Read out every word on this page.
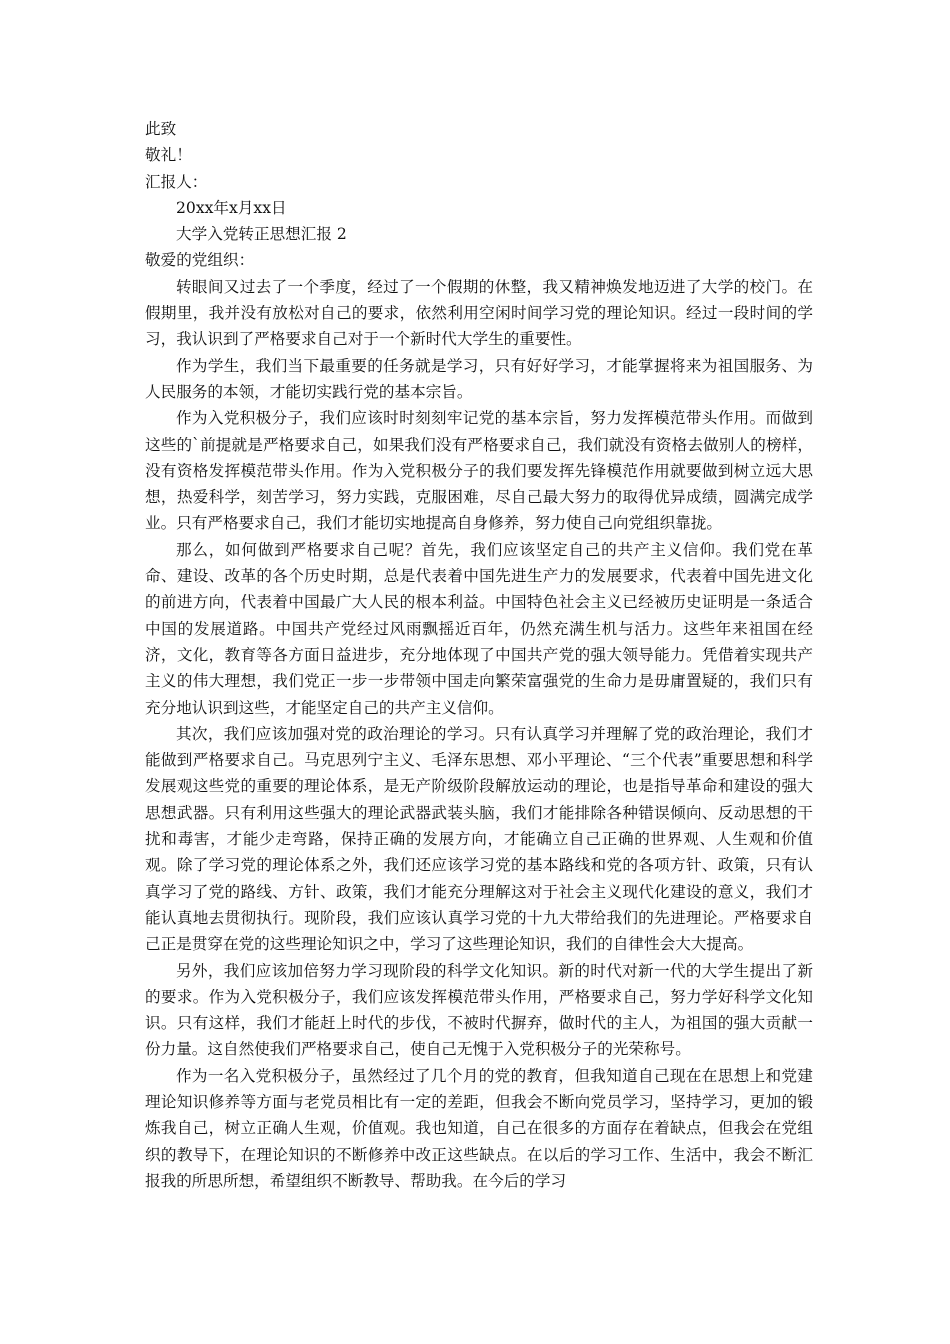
此致

敬礼！

汇报人：

20xx年x月xx日

大学入党转正思想汇报 2

敬爱的党组织：

转眼间又过去了一个季度，经过了一个假期的休整，我又精神焕发地迈进了大学的校门。在假期里，我并没有放松对自己的要求，依然利用空闲时间学习党的理论知识。经过一段时间的学习，我认识到了严格要求自己对于一个新时代大学生的重要性。

作为学生，我们当下最重要的任务就是学习，只有好好学习，才能掌握将来为祖国服务、为人民服务的本领，才能切实践行党的基本宗旨。

作为入党积极分子，我们应该时时刻刻牢记党的基本宗旨，努力发挥模范带头作用。而做到这些的`前提就是严格要求自己，如果我们没有严格要求自己，我们就没有资格去做别人的榜样，没有资格发挥模范带头作用。作为入党积极分子的我们要发挥先锋模范作用就要做到树立远大思想，热爱科学，刻苦学习，努力实践，克服困难，尽自己最大努力的取得优异成绩，圆满完成学业。只有严格要求自己，我们才能切实地提高自身修养，努力使自己向党组织靠拢。

那么，如何做到严格要求自己呢？首先，我们应该坚定自己的共产主义信仰。我们党在革命、建设、改革的各个历史时期，总是代表着中国先进生产力的发展要求，代表着中国先进文化的前进方向，代表着中国最广大人民的根本利益。中国特色社会主义已经被历史证明是一条适合中国的发展道路。中国共产党经过风雨飘摇近百年，仍然充满生机与活力。这些年来祖国在经济，文化，教育等各方面日益进步，充分地体现了中国共产党的强大领导能力。凭借着实现共产主义的伟大理想，我们党正一步一步带领中国走向繁荣富强党的生命力是毋庸置疑的，我们只有充分地认识到这些，才能坚定自己的共产主义信仰。

其次，我们应该加强对党的政治理论的学习。只有认真学习并理解了党的政治理论，我们才能做到严格要求自己。马克思列宁主义、毛泽东思想、邓小平理论、“三个代表”重要思想和科学发展观这些党的重要的理论体系，是无产阶级阶段解放运动的理论，也是指导革命和建设的强大思想武器。只有利用这些强大的理论武器武装头脑，我们才能排除各种错误倾向、反动思想的干扰和毒害，才能少走弯路，保持正确的发展方向，才能确立自己正确的世界观、人生观和价值观。除了学习党的理论体系之外，我们还应该学习党的基本路线和党的各项方针、政策，只有认真学习了党的路线、方针、政策，我们才能充分理解这对于社会主义现代化建设的意义，我们才能认真地去贯彻执行。现阶段，我们应该认真学习党的十九大带给我们的先进理论。严格要求自己正是贯穿在党的这些理论知识之中，学习了这些理论知识，我们的自律性会大大提高。

另外，我们应该加倍努力学习现阶段的科学文化知识。新的时代对新一代的大学生提出了新的要求。作为入党积极分子，我们应该发挥模范带头作用，严格要求自己，努力学好科学文化知识。只有这样，我们才能赶上时代的步伐，不被时代摒弃，做时代的主人，为祖国的强大贡献一份力量。这自然使我们严格要求自己，使自己无愧于入党积极分子的光荣称号。

作为一名入党积极分子，虽然经过了几个月的党的教育，但我知道自己现在在思想上和党建理论知识修养等方面与老党员相比有一定的差距，但我会不断向党员学习，坚持学习，更加的锻炼我自己，树立正确人生观，价值观。我也知道，自己在很多的方面存在着缺点，但我会在党组织的教导下，在理论知识的不断修养中改正这些缺点。在以后的学习工作、生活中，我会不断汇报我的所思所想，希望组织不断教导、帮助我。在今后的学习
